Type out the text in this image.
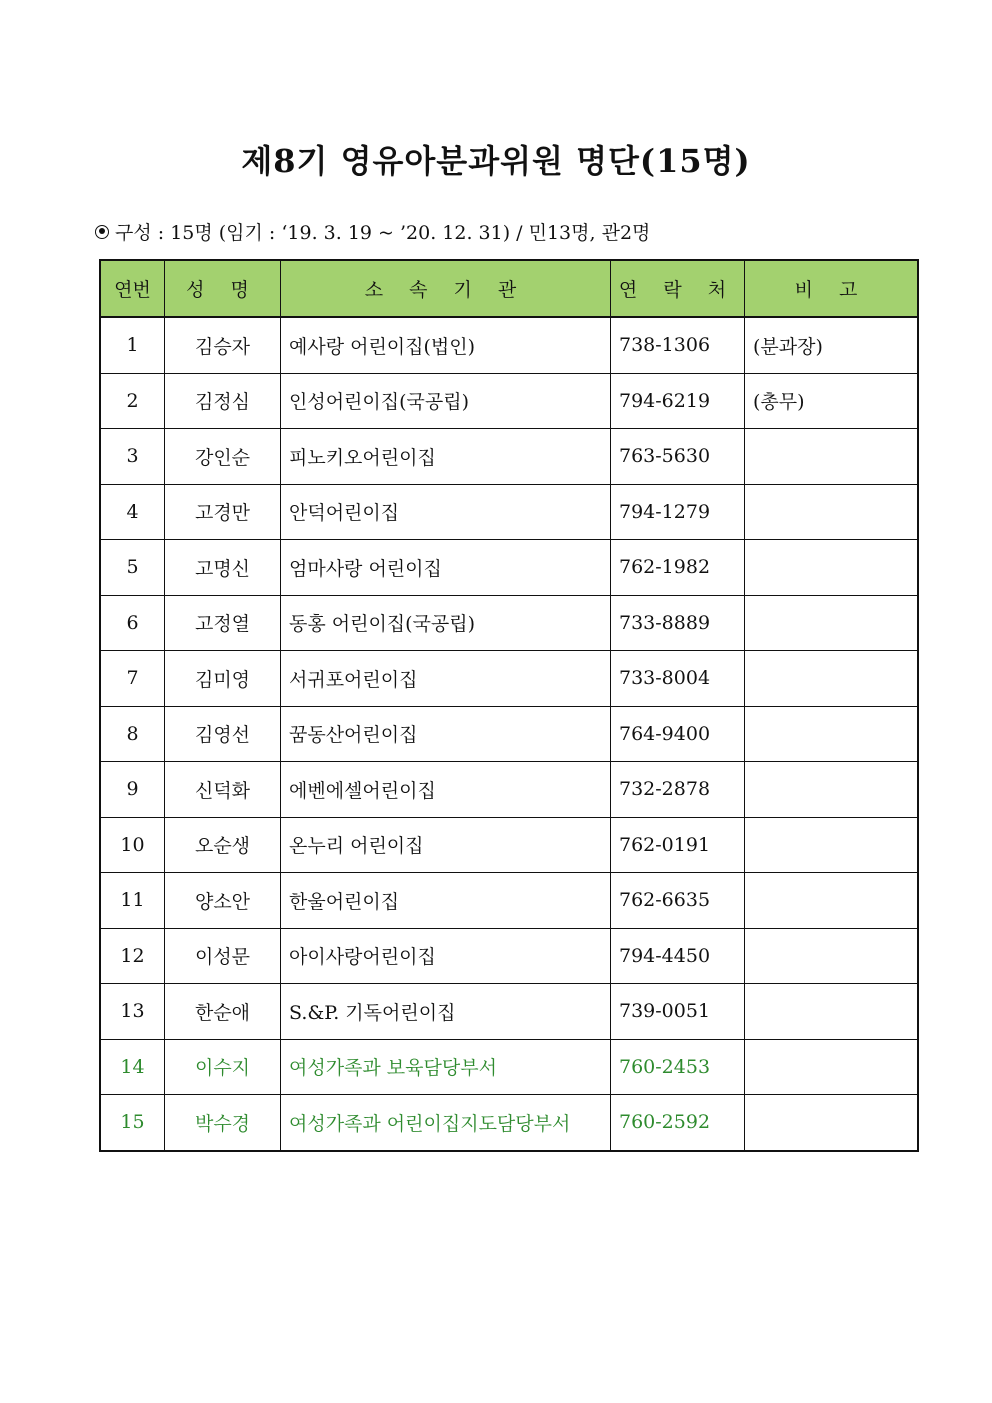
제8기 영유아분과위원 명단(15명)
구성 : 15명 (임기 : ‘19. 3. 19 ~ ’20. 12. 31) / 민13명, 관2명
연번	성 명	소 속 기 관	연 락 처	비 고
1	김승자	예사랑 어린이집(법인)	738-1306	(분과장)
2	김정심	인성어린이집(국공립)	794-6219	(총무)
3	강인순	피노키오어린이집	763-5630	
4	고경만	안덕어린이집	794-1279	
5	고명신	엄마사랑 어린이집	762-1982	
6	고정열	동홍 어린이집(국공립)	733-8889	
7	김미영	서귀포어린이집	733-8004	
8	김영선	꿈동산어린이집	764-9400	
9	신덕화	에벤에셀어린이집	732-2878	
10	오순생	온누리 어린이집	762-0191	
11	양소안	한울어린이집	762-6635	
12	이성문	아이사랑어린이집	794-4450	
13	한순애	S.&P. 기독어린이집	739-0051	
14	이수지	여성가족과 보육담당부서	760-2453	
15	박수경	여성가족과 어린이집지도담당부서	760-2592	
